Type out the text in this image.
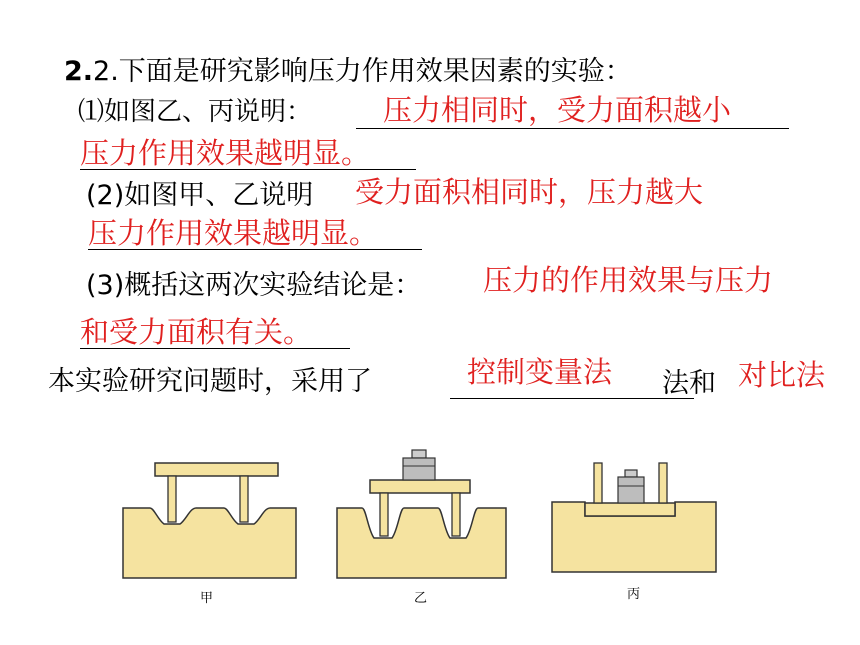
2.2.下面是研究影响压力作用效果因素的实验：
⑴如图乙、丙说明： 压力相同时，受力面积越小
压力作用效果越明显。
(2)如图甲、乙说明 受力面积相同时，压力越大
压力作用效果越明显。
(3)概括这两次实验结论是： 压力的作用效果与压力
和受力面积有关。
本实验研究问题时，采用了	控制变量法 法和 对比法
甲	乙	丙
